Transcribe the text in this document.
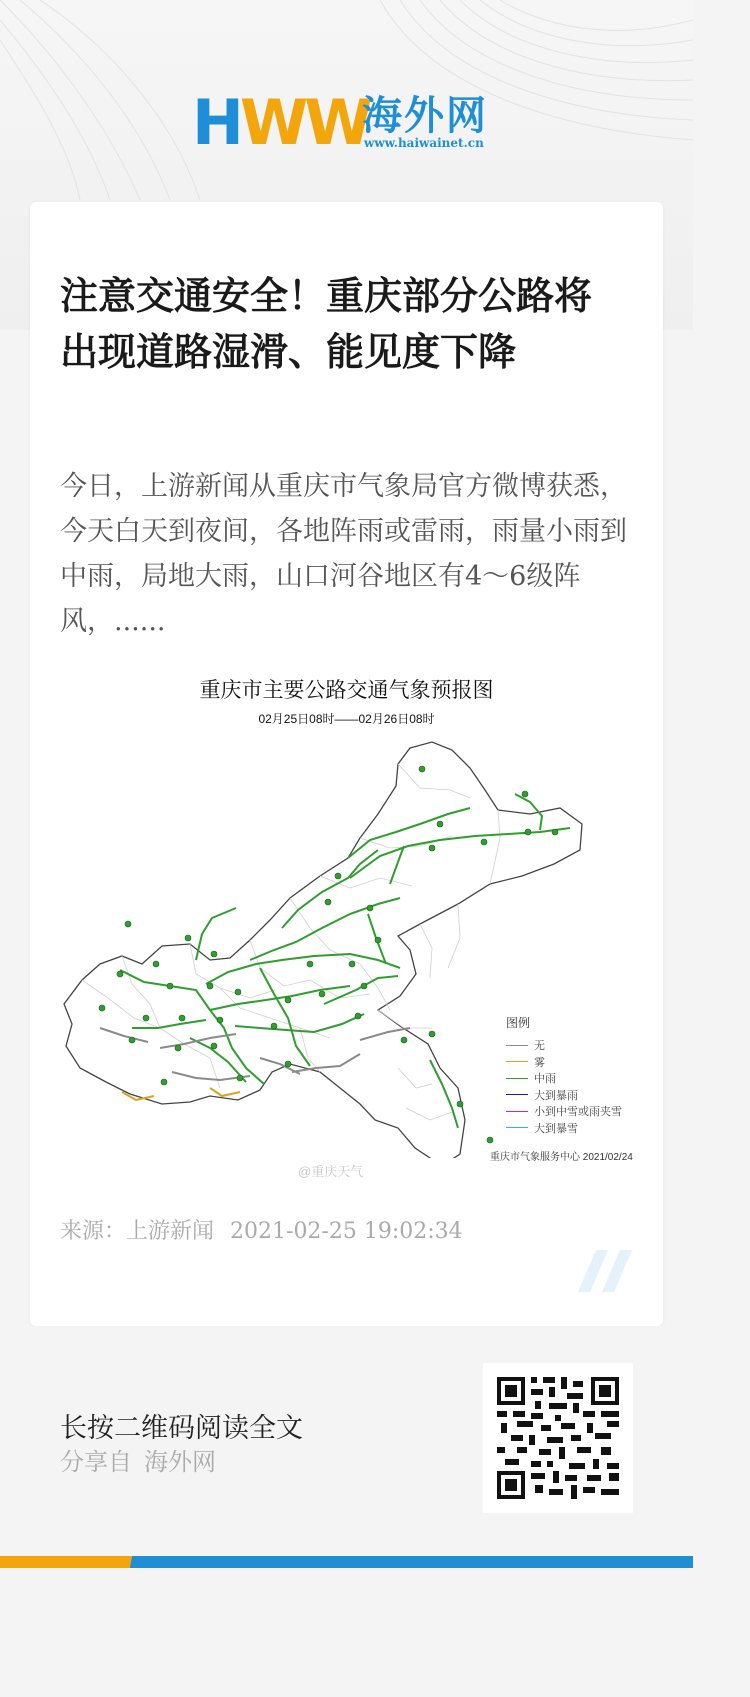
HWW
海外网
www.haiwainet.cn
注意交通安全！重庆部分公路将出现道路湿滑、能见度下降

今日，上游新闻从重庆市气象局官方微博获悉，今天白天到夜间，各地阵雨或雷雨，雨量小雨到中雨，局地大雨，山口河谷地区有4～6级阵风，......

重庆市主要公路交通气象预报图
02月25日08时——02月26日08时
图例
无
雾
中雨
大到暴雨
小到中雪或雨夹雪
大到暴雪
重庆市气象服务中心 2021/02/24
@重庆天气
来源：上游新闻 2021-02-25 19:02:34
长按二维码阅读全文
分享自 海外网
